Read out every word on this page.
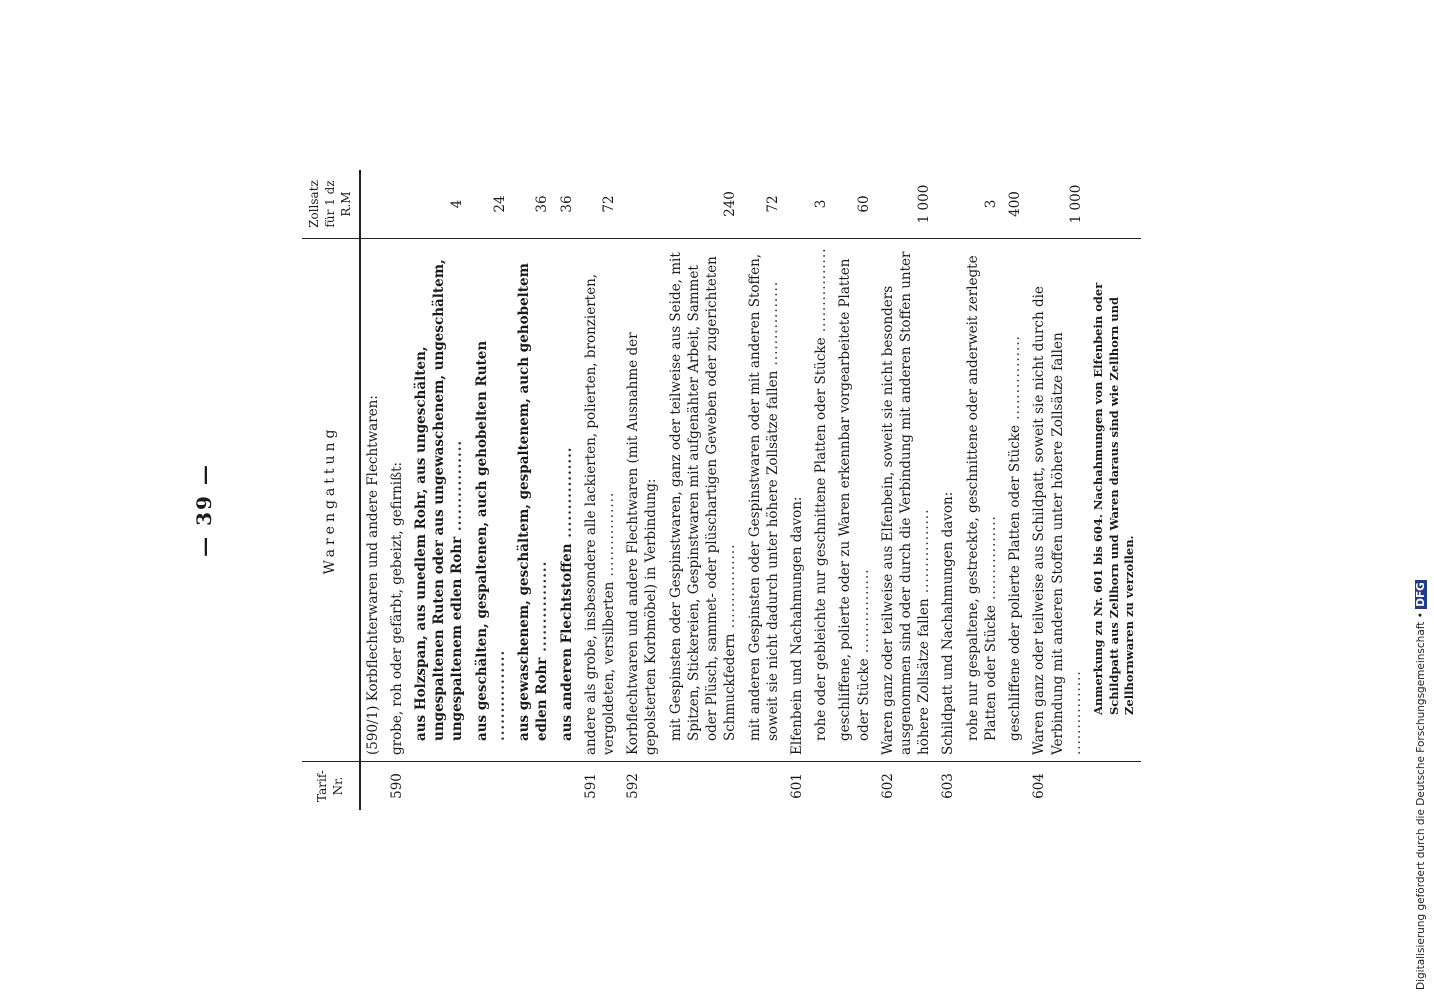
— 39 —
Tarif-Nr.	Warengattung	Zollsatz für 1 dz R.M

	(590/1) Korbflechterwaren und andere Flechtwaren:	

590	grobe, roh oder gefärbt, gebeizt, gefirnißt:	

	aus Holzspan, aus unedlem Rohr, aus ungeschälten, ungespaltenen Ruten oder aus ungewaschenem, ungeschältem, ungespaltenem edlen Rohr .....	4

	aus geschälten, gespaltenen, auch gehobelten Ruten .....	24

	aus gewaschenem, geschältem, gespaltenem, auch gehobeltem edlen Rohr .....	36

	aus anderen Flechtstoffen .....	36
591	andere als grobe, insbesondere alle lackierten, polierten, bronzierten, vergoldeten, versilberten .....	72
592	Korbflechtwaren und andere Flechtwaren (mit Ausnahme der gepolsterten Korbmöbel) in Verbindung:	

	mit Gespinsten oder Gespinstwaren, ganz oder teilweise aus Seide, mit Spitzen, Stickereien, Gespinstwaren mit aufgenähter Arbeit, Sammet oder Plüsch, sammet- oder plüschartigen Geweben oder zugerichteten Schmuckfedern .....	240

	mit anderen Gespinsten oder Gespinstwaren oder mit anderen Stoffen, soweit sie nicht dadurch unter höhere Zollsätze fallen .....	72
601	Elfenbein und Nachahmungen davon:	

	rohe oder gebleichte nur geschnittene Platten oder Stücke .....	3

	geschliffene, polierte oder zu Waren erkennbar vorgearbeitete Platten oder Stücke .....	60
602	Waren ganz oder teilweise aus Elfenbein, soweit sie nicht besonders ausgenommen sind oder durch die Verbindung mit anderen Stoffen unter höhere Zollsätze fallen .....	1 000
603	Schildpatt und Nachahmungen davon:	

	rohe nur gespaltene, gestreckte, geschnittene oder anderweit zerlegte Platten oder Stücke .....	3

	geschliffene oder polierte Platten oder Stücke .....	400
604	Waren ganz oder teilweise aus Schildpatt, soweit sie nicht durch die Verbindung mit anderen Stoffen unter höhere Zollsätze fallen .....	1 000

	Anmerkung zu Nr. 601 bis 604. Nachahmungen von Elfenbein oder Schildpatt aus Zellhorn und Waren daraus sind wie Zellhorn und Zellhornwaren zu verzollen.	
		Digitalisierung gefördert durch die Deutsche Forschungsgemeinschaft • DFG
